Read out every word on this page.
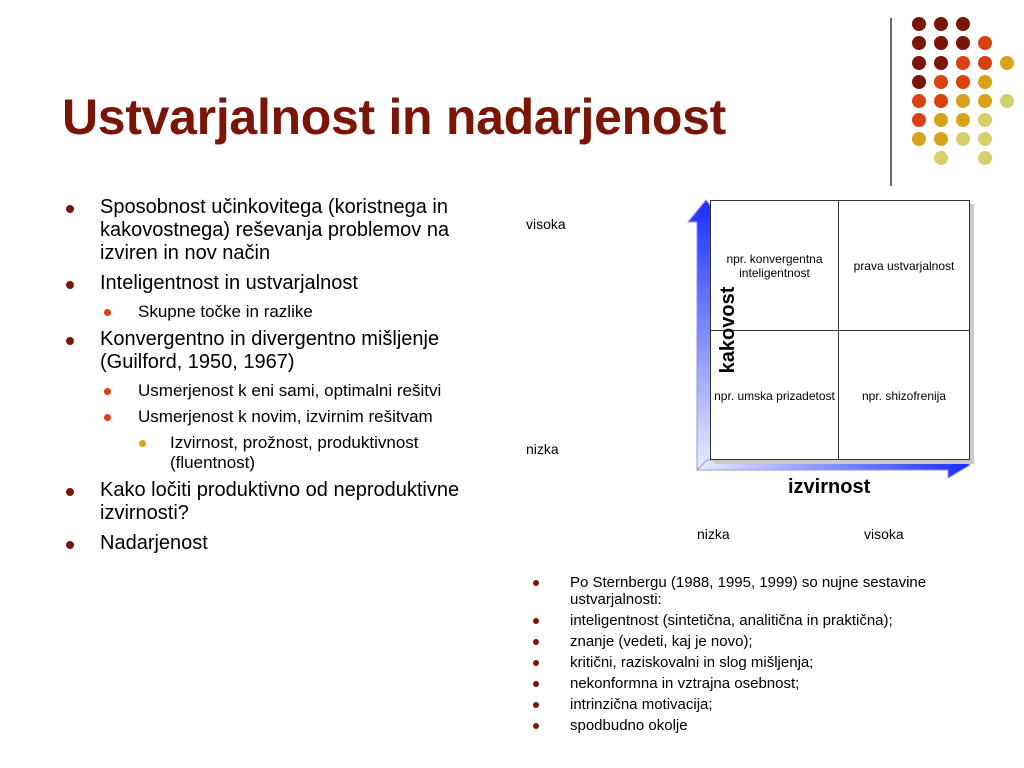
Ustvarjalnost in nadarjenost
Sposobnost učinkovitega (koristnega in kakovostnega) reševanja problemov na izviren in nov način
Inteligentnost in ustvarjalnost
Skupne točke in razlike
Konvergentno in divergentno mišljenje (Guilford, 1950, 1967)
Usmerjenost k eni sami, optimalni rešitvi
Usmerjenost k novim, izvirnim rešitvam
Izvirnost, prožnost, produktivnost (fluentnost)
Kako ločiti produktivno od neproduktivne izvirnosti?
Nadarjenost
visoka
nizka
nizka	visoka
npr. konvergentna inteligentnost	prava ustvarjalnost
npr. umska prizadetost	npr. shizofrenija
kakovost
izvirnost
Po Sternbergu (1988, 1995, 1999) so nujne sestavine ustvarjalnosti:
inteligentnost (sintetična, analitična in praktična);
znanje (vedeti, kaj je novo);
kritični, raziskovalni in slog mišljenja;
nekonformna in vztrajna osebnost;
intrinzična motivacija;
spodbudno okolje
